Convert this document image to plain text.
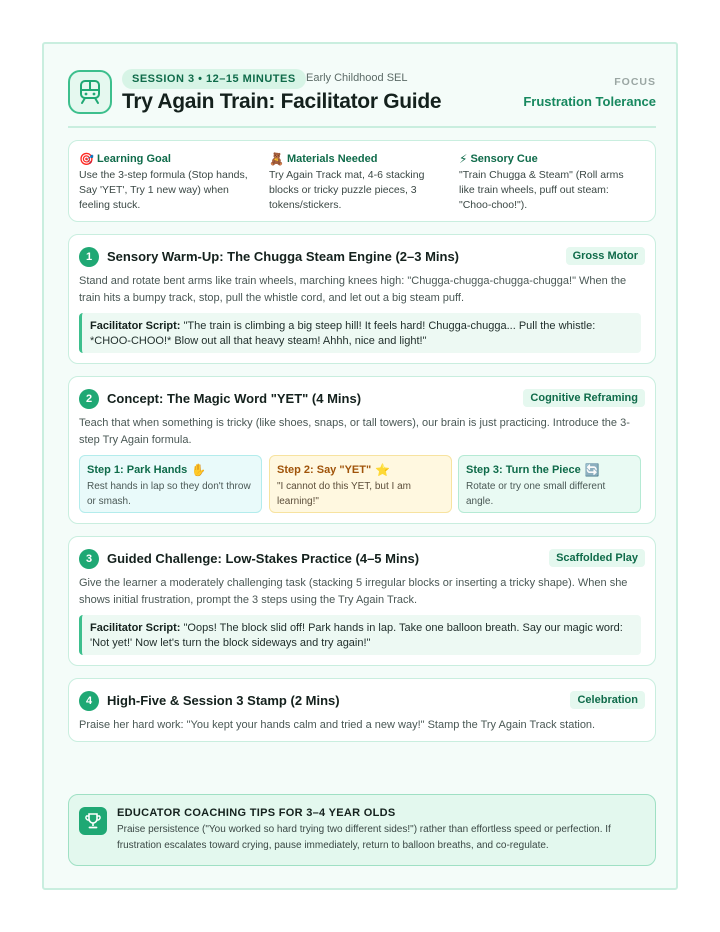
SESSION 3 • 12–15 MINUTES Early Childhood SEL
Try Again Train: Facilitator Guide
FOCUS
Frustration Tolerance
🎯 Learning Goal
Use the 3-step formula (Stop hands, Say 'YET', Try 1 new way) when feeling stuck.
🧸 Materials Needed
Try Again Track mat, 4-6 stacking blocks or tricky puzzle pieces, 3 tokens/stickers.
⚡ Sensory Cue
"Train Chugga & Steam" (Roll arms like train wheels, puff out steam: "Choo-choo!").
1	Sensory Warm-Up: The Chugga Steam Engine (2–3 Mins)	Gross Motor
Stand and rotate bent arms like train wheels, marching knees high: "Chugga-chugga-chugga-chugga!" When the train hits a bumpy track, stop, pull the whistle cord, and let out a big steam puff.
Facilitator Script: "The train is climbing a big steep hill! It feels hard! Chugga-chugga... Pull the whistle: *CHOO-CHOO!* Blow out all that heavy steam! Ahhh, nice and light!"
2	Concept: The Magic Word "YET" (4 Mins)	Cognitive Reframing
Teach that when something is tricky (like shoes, snaps, or tall towers), our brain is just practicing. Introduce the 3-step Try Again formula.
Step 1: Park Hands ✋
Rest hands in lap so they don't throw or smash.
Step 2: Say "YET" ⭐
"I cannot do this YET, but I am learning!"
Step 3: Turn the Piece 🔄
Rotate or try one small different angle.
3	Guided Challenge: Low-Stakes Practice (4–5 Mins)	Scaffolded Play
Give the learner a moderately challenging task (stacking 5 irregular blocks or inserting a tricky shape). When she shows initial frustration, prompt the 3 steps using the Try Again Track.
Facilitator Script: "Oops! The block slid off! Park hands in lap. Take one balloon breath. Say our magic word: 'Not yet!' Now let's turn the block sideways and try again!"
4	High-Five & Session 3 Stamp (2 Mins)	Celebration
Praise her hard work: "You kept your hands calm and tried a new way!" Stamp the Try Again Track station.
EDUCATOR COACHING TIPS FOR 3–4 YEAR OLDS
Praise persistence ("You worked so hard trying two different sides!") rather than effortless speed or perfection. If frustration escalates toward crying, pause immediately, return to balloon breaths, and co-regulate.
